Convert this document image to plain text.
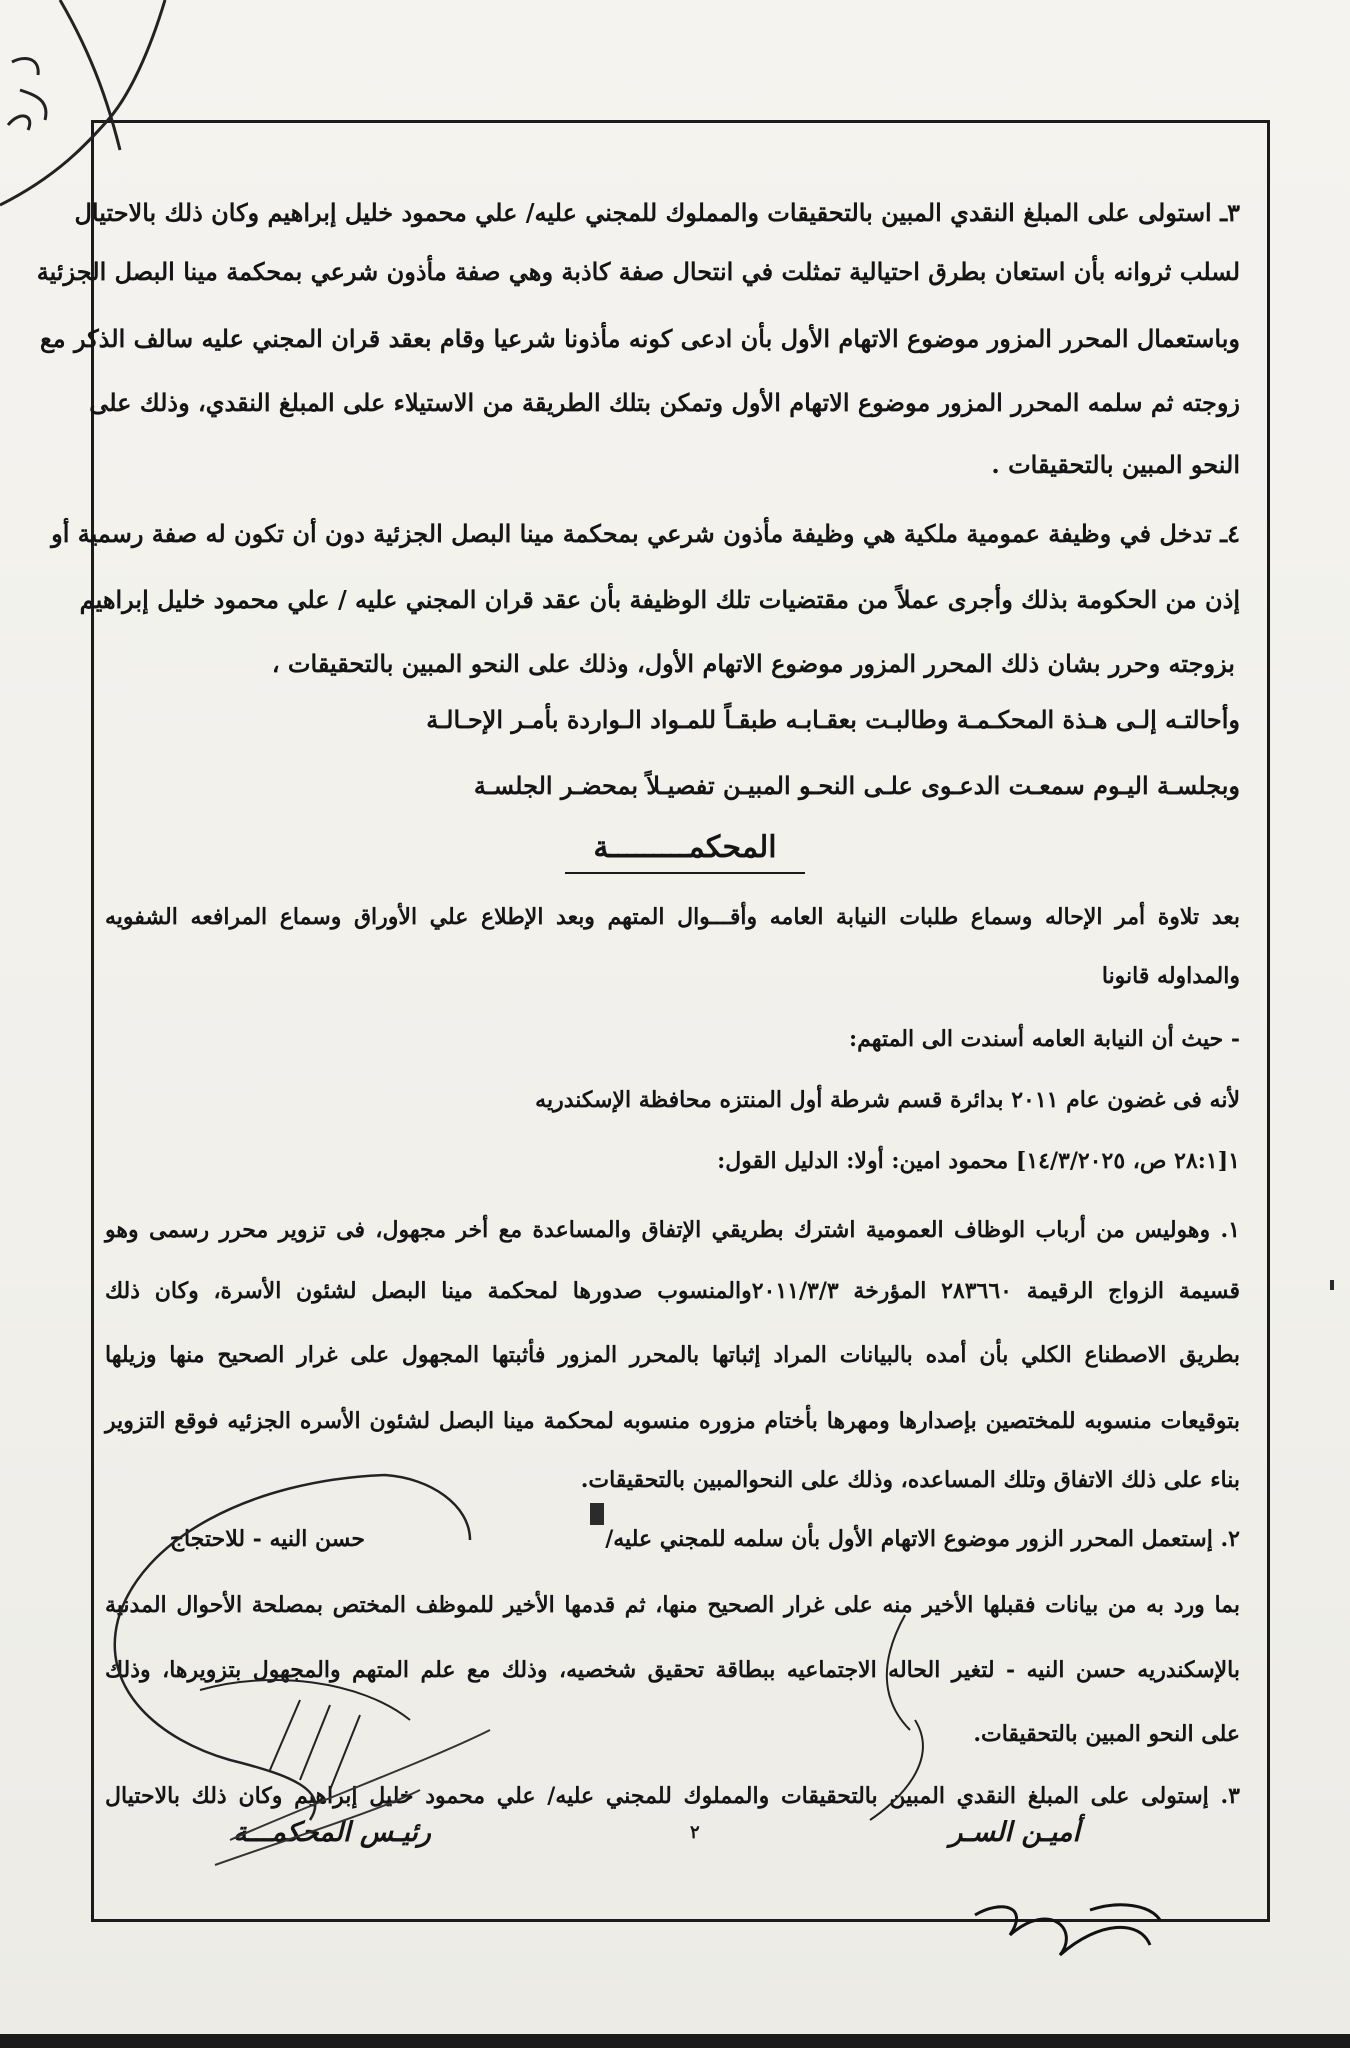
٣ـ استولى على المبلغ النقدي المبين بالتحقيقات والمملوك للمجني عليه/ علي محمود خليل إبراهيم وكان ذلك بالاحتيال
لسلب ثروانه بأن استعان بطرق احتيالية تمثلت في انتحال صفة كاذبة وهي صفة مأذون شرعي بمحكمة مينا البصل الجزئية
وباستعمال المحرر المزور موضوع الاتهام الأول بأن ادعى كونه مأذونا شرعيا وقام بعقد قران المجني عليه سالف الذكر مع
زوجته ثم سلمه المحرر المزور موضوع الاتهام الأول وتمكن بتلك الطريقة من الاستيلاء على المبلغ النقدي، وذلك على
النحو المبين بالتحقيقات .
٤ـ تدخل في وظيفة عمومية ملكية هي وظيفة مأذون شرعي بمحكمة مينا البصل الجزئية دون أن تكون له صفة رسمية أو
إذن من الحكومة بذلك وأجرى عملاً من مقتضيات تلك الوظيفة بأن عقد قران المجني عليه / علي محمود خليل إبراهيم
بزوجته وحرر بشان ذلك المحرر المزور موضوع الاتهام الأول، وذلك على النحو المبين بالتحقيقات ،
وأحالتـه إلـى هـذة المحكـمـة وطالبـت بعقـابـه طبقـاً للمـواد الـواردة بأمـر الإحـالـة
وبجلسـة اليـوم سمعـت الدعـوى علـى النحـو المبيـن تفصيـلاً بمحضـر الجلسـة
المحكمـــــــــة
بعد تلاوة أمر الإحاله وسماع طلبات النيابة العامه وأقـــوال المتهم وبعد الإطلاع علي الأوراق وسماع المرافعه الشفويه
والمداوله قانونا
- حيث أن النيابة العامه أسندت الى المتهم:
لأنه فى غضون عام ٢٠١١ بدائرة قسم شرطة أول المنتزه محافظة الإسكندريه
١[٢٨:١ ص، ١٤/٣/٢٠٢٥] محمود امين: أولا: الدليل القول:
١. وهوليس من أرباب الوظاف العمومية اشترك بطريقي الإتفاق والمساعدة مع أخر مجهول، فى تزوير محرر رسمى وهو
قسيمة الزواج الرقيمة ٢٨٣٦٦٠ المؤرخة ٢٠١١/٣/٣والمنسوب صدورها لمحكمة مينا البصل لشئون الأسرة، وكان ذلك
بطريق الاصطناع الكلي بأن أمده بالبيانات المراد إثباتها بالمحرر المزور فأثبتها المجهول على غرار الصحيح منها وزيلها
بتوقيعات منسوبه للمختصين بإصدارها ومهرها بأختام مزوره منسوبه لمحكمة مينا البصل لشئون الأسره الجزئيه فوقع التزوير
بناء على ذلك الاتفاق وتلك المساعده، وذلك على النحوالمبين بالتحقيقات.
٢. إستعمل المحرر الزور موضوع الاتهام الأول بأن سلمه للمجني عليه/
حسن النيه - للاحتجاج
بما ورد به من بيانات فقبلها الأخير منه على غرار الصحيح منها، ثم قدمها الأخير للموظف المختص بمصلحة الأحوال المدنية
بالإسكندريه حسن النيه - لتغير الحاله الاجتماعيه ببطاقة تحقيق شخصيه، وذلك مع علم المتهم والمجهول بتزويرها، وذلك
على النحو المبين بالتحقيقات.
٣. إستولى على المبلغ النقدي المبين بالتحقيقات والمملوك للمجني عليه/ علي محمود خليل إبراهيم وكان ذلك بالاحتيال
٢	أميـن السـر
رئيـس المحكمـــة
